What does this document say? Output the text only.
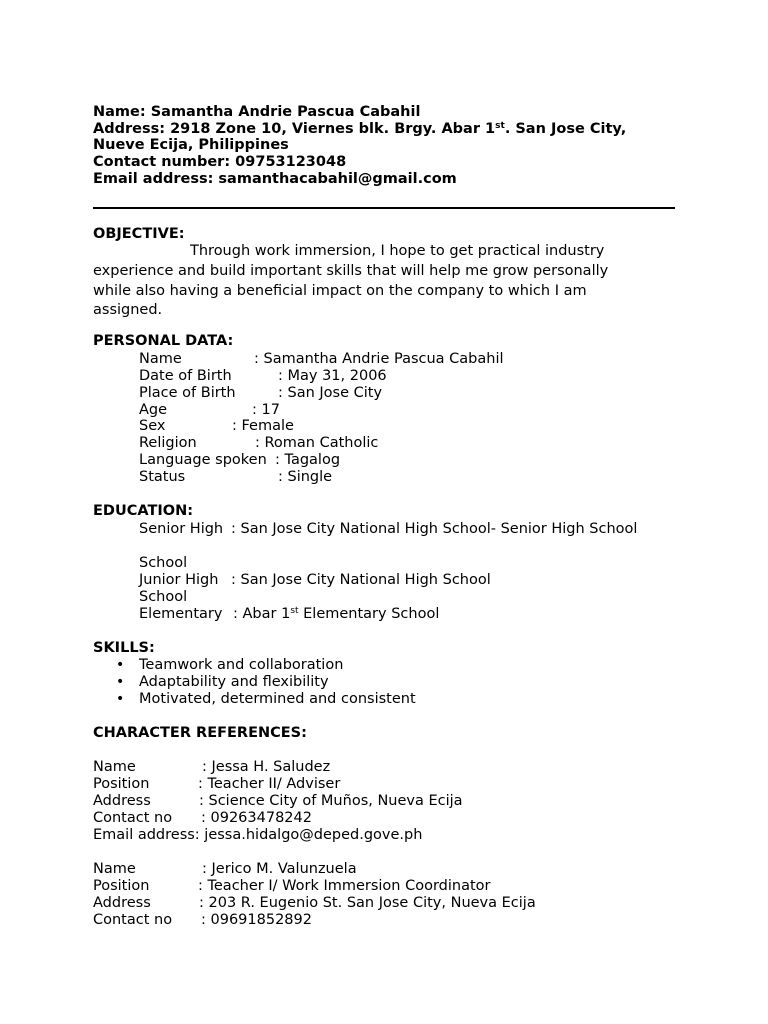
Name: Samantha Andrie Pascua Cabahil
Address: 2918 Zone 10, Viernes blk. Brgy. Abar 1st. San Jose City,
Nueve Ecija, Philippines
Contact number: 09753123048
Email address: samanthacabahil@gmail.com
OBJECTIVE:
Through work immersion, I hope to get practical industry
experience and build important skills that will help me grow personally
while also having a beneficial impact on the company to which I am
assigned.
PERSONAL DATA:
Name	: Samantha Andrie Pascua Cabahil
Date of Birth	: May 31, 2006
Place of Birth	: San Jose City
Age	: 17
Sex	: Female
Religion	: Roman Catholic
Language spoken : Tagalog
Status	: Single
EDUCATION:
Senior High : San Jose City National High School- Senior High School
School
Junior High : San Jose City National High School
School
Elementary : Abar 1st Elementary School
SKILLS:
• Teamwork and collaboration
• Adaptability and flexibility
• Motivated, determined and consistent
CHARACTER REFERENCES:
Name	: Jessa H. Saludez
Position	: Teacher II/ Adviser
Address	: Science City of Muños, Nueva Ecija
Contact no : 09263478242
Email address: jessa.hidalgo@deped.gove.ph
Name	: Jerico M. Valunzuela
Position	: Teacher I/ Work Immersion Coordinator
Address	: 203 R. Eugenio St. San Jose City, Nueva Ecija
Contact no : 09691852892
